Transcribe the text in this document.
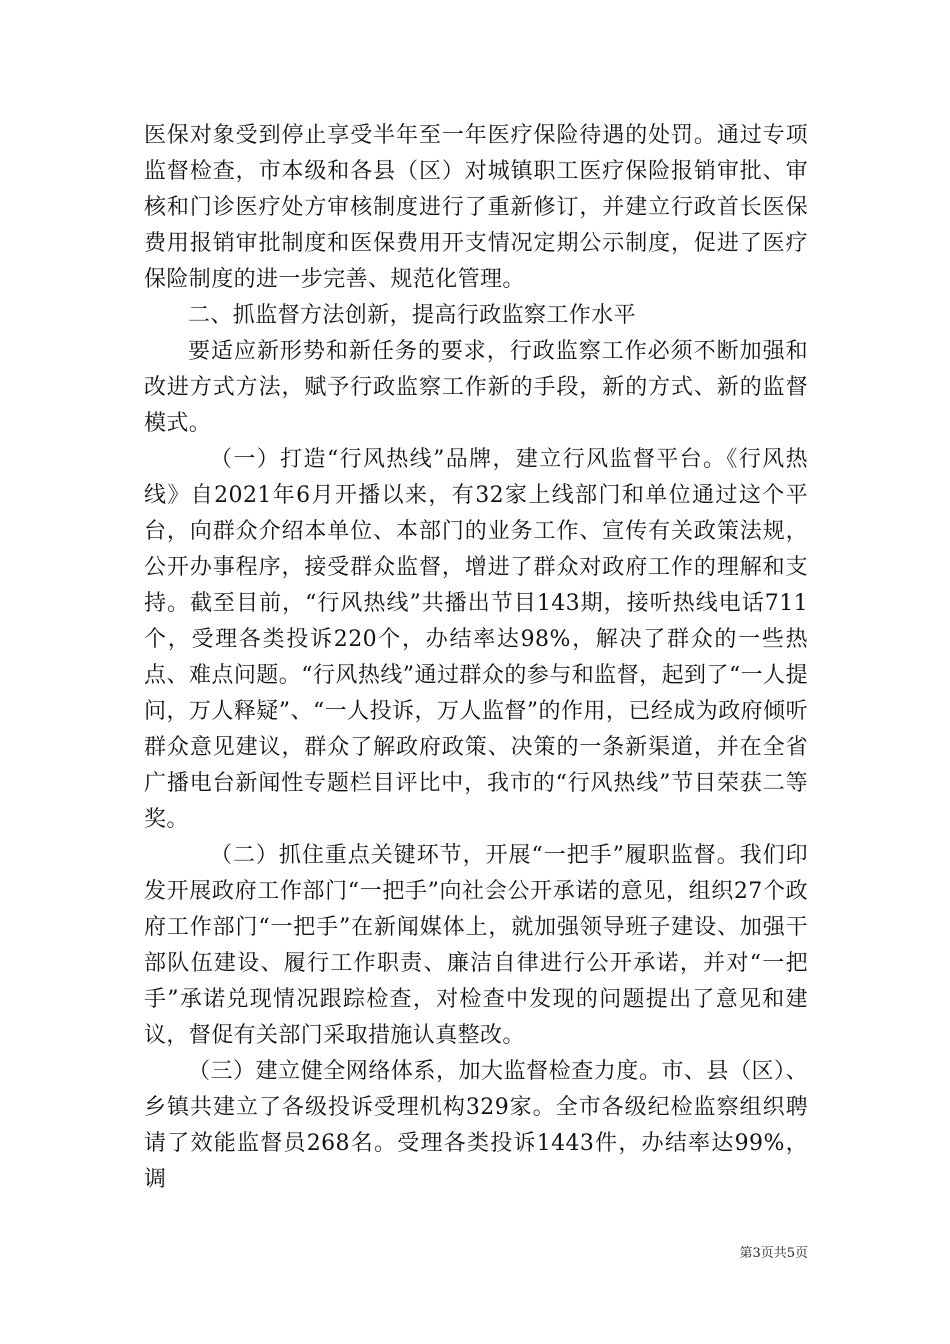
医保对象受到停止享受半年至一年医疗保险待遇的处罚。通过专项监督检查，市本级和各县（区）对城镇职工医疗保险报销审批、审核和门诊医疗处方审核制度进行了重新修订，并建立行政首长医保费用报销审批制度和医保费用开支情况定期公示制度，促进了医疗保险制度的进一步完善、规范化管理。

二、抓监督方法创新，提高行政监察工作水平

要适应新形势和新任务的要求，行政监察工作必须不断加强和改进方式方法，赋予行政监察工作新的手段，新的方式、新的监督模式。

（一）打造“行风热线”品牌，建立行风监督平台。《行风热线》自2021年6月开播以来，有32家上线部门和单位通过这个平台，向群众介绍本单位、本部门的业务工作、宣传有关政策法规，公开办事程序，接受群众监督，增进了群众对政府工作的理解和支持。截至目前，“行风热线”共播出节目143期，接听热线电话711个，受理各类投诉220个，办结率达98%，解决了群众的一些热点、难点问题。“行风热线”通过群众的参与和监督，起到了“一人提问，万人释疑”、“一人投诉，万人监督”的作用，已经成为政府倾听群众意见建议，群众了解政府政策、决策的一条新渠道，并在全省广播电台新闻性专题栏目评比中，我市的“行风热线”节目荣获二等奖。

（二）抓住重点关键环节，开展“一把手”履职监督。我们印发开展政府工作部门“一把手”向社会公开承诺的意见，组织27个政府工作部门“一把手”在新闻媒体上，就加强领导班子建设、加强干部队伍建设、履行工作职责、廉洁自律进行公开承诺，并对“一把手”承诺兑现情况跟踪检查，对检查中发现的问题提出了意见和建议，督促有关部门采取措施认真整改。

（三）建立健全网络体系，加大监督检查力度。市、县（区）、乡镇共建立了各级投诉受理机构329家。全市各级纪检监察组织聘请了效能监督员268名。受理各类投诉1443件，办结率达99%，调

第3页共5页
